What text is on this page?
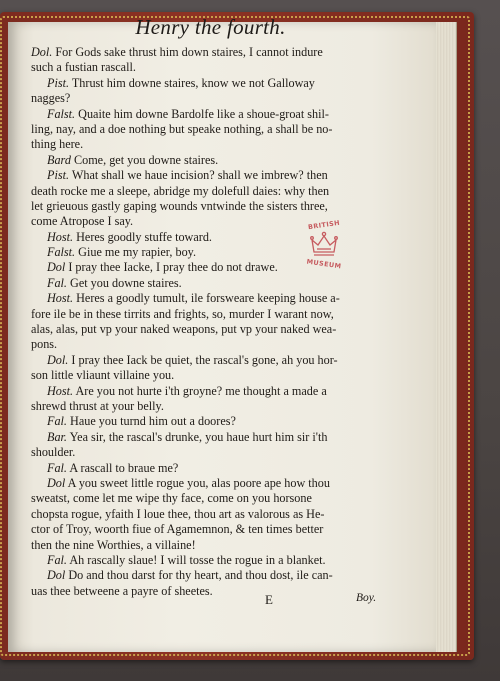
Henry the fourth.
BRITISH
MUSEUM
Dol. For Gods sake thrust him down staires, I cannot indure
such a fustian rascall.
Pist. Thrust him downe staires, know we not Galloway
nagges?
Falst. Quaite him downe Bardolfe like a shoue-groat shil-
ling, nay, and a doe nothing but speake nothing, a shall be no-
thing here.
Bard Come, get you downe staires.
Pist. What shall we haue incision? shall we imbrew? then
death rocke me a sleepe, abridge my dolefull daies: why then
let grieuous gastly gaping wounds vntwinde the sisters three,
come Atropose I say.
Host. Heres goodly stuffe toward.
Falst. Giue me my rapier, boy.
Dol I pray thee Iacke, I pray thee do not drawe.
Fal. Get you downe staires.
Host. Heres a goodly tumult, ile forsweare keeping house a-
fore ile be in these tirrits and frights, so, murder I warant now,
alas, alas, put vp your naked weapons, put vp your naked wea-
pons.
Dol. I pray thee Iack be quiet, the rascal's gone, ah you hor-
son little vliaunt villaine you.
Host. Are you not hurte i'th groyne? me thought a made a
shrewd thrust at your belly.
Fal. Haue you turnd him out a doores?
Bar. Yea sir, the rascal's drunke, you haue hurt him sir i'th
shoulder.
Fal. A rascall to braue me?
Dol A you sweet little rogue you, alas poore ape how thou
sweatst, come let me wipe thy face, come on you horsone
chopsta rogue, yfaith I loue thee, thou art as valorous as He-
ctor of Troy, woorth fiue of Agamemnon, & ten times better
then the nine Worthies, a villaine!
Fal. Ah rascally slaue! I will tosse the rogue in a blanket.
Dol Do and thou darst for thy heart, and thou dost, ile can-
uas thee betweene a payre of sheetes.
E	Boy.
